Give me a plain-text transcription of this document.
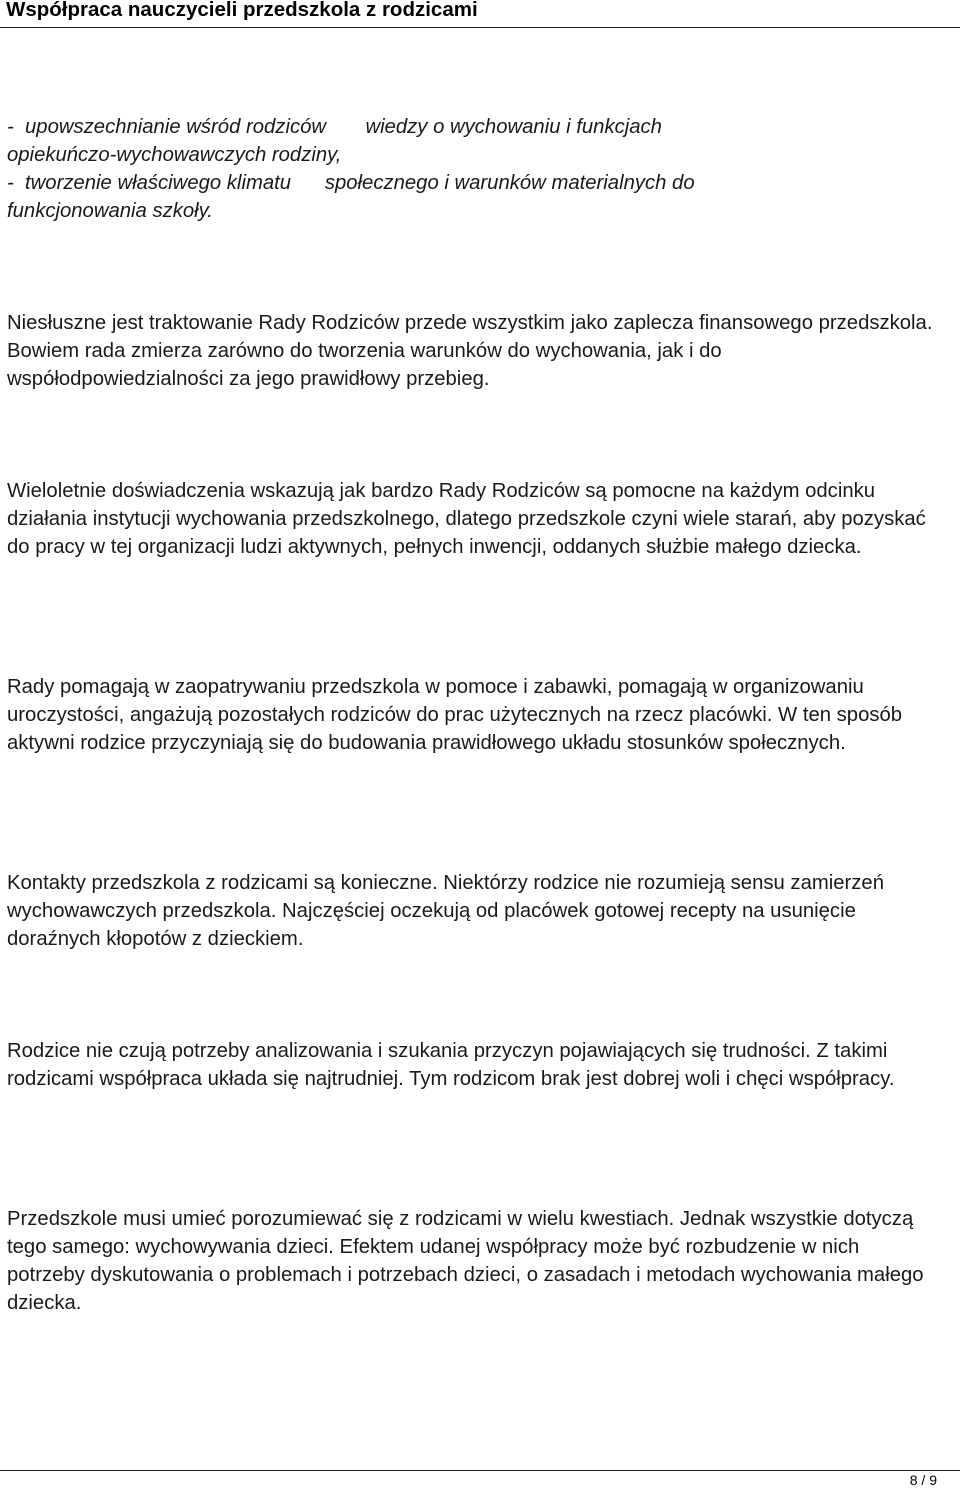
Współpraca nauczycieli przedszkola z rodzicami
-  upowszechnianie wśród rodziców       wiedzy o wychowaniu i funkcjach
opiekuńczo-wychowawczych rodziny,
-  tworzenie właściwego klimatu      społecznego i warunków materialnych do
funkcjonowania szkoły.

Niesłuszne jest traktowanie Rady Rodziców przede wszystkim jako zaplecza finansowego przedszkola. Bowiem rada zmierza zarówno do tworzenia warunków do wychowania, jak i do współodpowiedzialności za jego prawidłowy przebieg.

Wieloletnie doświadczenia wskazują jak bardzo Rady Rodziców są pomocne na każdym odcinku działania instytucji wychowania przedszkolnego, dlatego przedszkole czyni wiele starań, aby pozyskać do pracy w tej organizacji ludzi aktywnych, pełnych inwencji, oddanych służbie małego dziecka.

Rady pomagają w zaopatrywaniu przedszkola w pomoce i zabawki, pomagają w organizowaniu uroczystości, angażują pozostałych rodziców do prac użytecznych na rzecz placówki. W ten sposób aktywni rodzice przyczyniają się do budowania prawidłowego układu stosunków społecznych.

Kontakty przedszkola z rodzicami są konieczne. Niektórzy rodzice nie rozumieją sensu zamierzeń wychowawczych przedszkola. Najczęściej oczekują od placówek gotowej recepty na usunięcie doraźnych kłopotów z dzieckiem.

Rodzice nie czują potrzeby analizowania i szukania przyczyn pojawiających się trudności. Z takimi rodzicami współpraca układa się najtrudniej. Tym rodzicom brak jest dobrej woli i chęci współpracy.

Przedszkole musi umieć porozumiewać się z rodzicami w wielu kwestiach. Jednak wszystkie dotyczą tego samego: wychowywania dzieci. Efektem udanej współpracy może być rozbudzenie w nich potrzeby dyskutowania o problemach i potrzebach dzieci, o zasadach i metodach wychowania małego dziecka.

8 / 9
